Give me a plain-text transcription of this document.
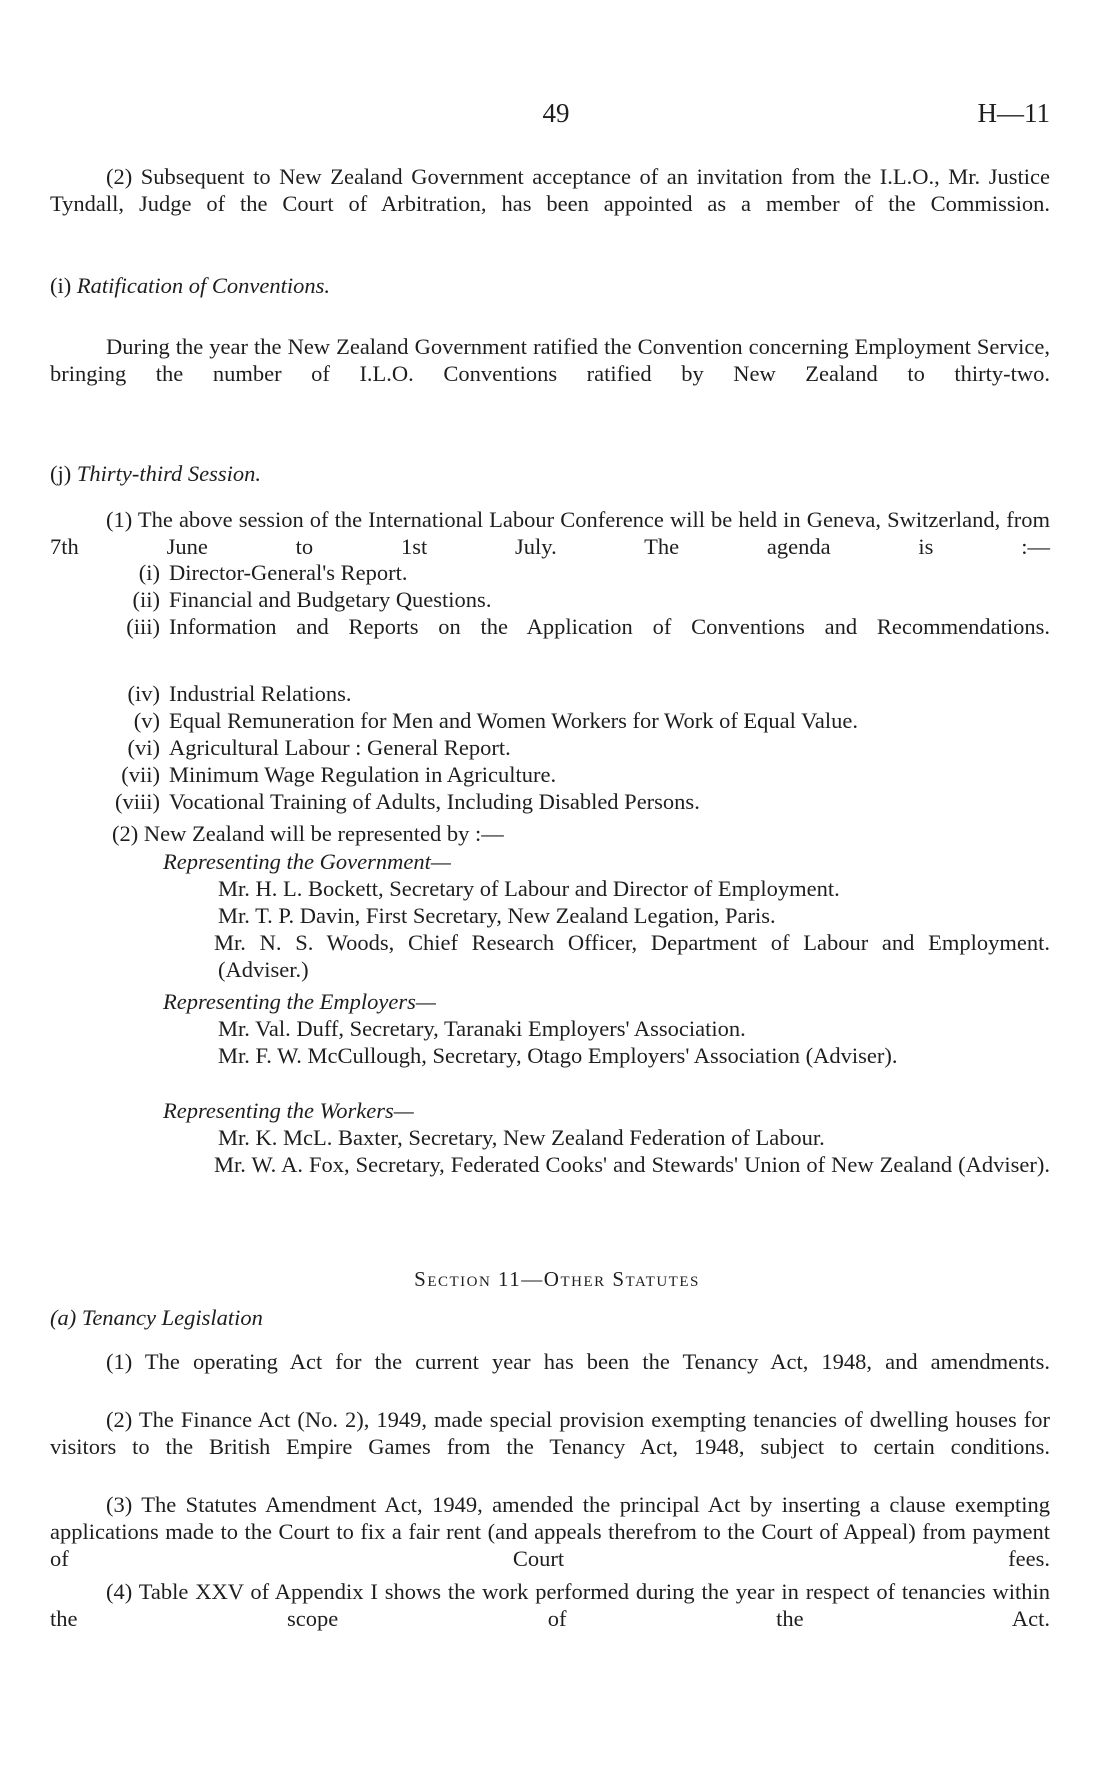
49	H—11
(2) Subsequent to New Zealand Government acceptance of an invitation from the I.L.O., Mr. Justice Tyndall, Judge of the Court of Arbitration, has been appointed as a member of the Commission.
(i) Ratification of Conventions.
During the year the New Zealand Government ratified the Convention concerning Employment Service, bringing the number of I.L.O. Conventions ratified by New Zealand to thirty-two.
(j) Thirty-third Session.
(1) The above session of the International Labour Conference will be held in Geneva, Switzerland, from 7th June to 1st July. The agenda is :—
(i) Director-General's Report.
(ii) Financial and Budgetary Questions.
(iii) Information and Reports on the Application of Conventions and Recommendations.
(iv) Industrial Relations.
(v) Equal Remuneration for Men and Women Workers for Work of Equal Value.
(vi) Agricultural Labour : General Report.
(vii) Minimum Wage Regulation in Agriculture.
(viii) Vocational Training of Adults, Including Disabled Persons.
(2) New Zealand will be represented by :—
Representing the Government—
Mr. H. L. Bockett, Secretary of Labour and Director of Employment.
Mr. T. P. Davin, First Secretary, New Zealand Legation, Paris.
Mr. N. S. Woods, Chief Research Officer, Department of Labour and Employment. (Adviser.)
Representing the Employers—
Mr. Val. Duff, Secretary, Taranaki Employers' Association.
Mr. F. W. McCullough, Secretary, Otago Employers' Association (Adviser).
Representing the Workers—
Mr. K. McL. Baxter, Secretary, New Zealand Federation of Labour.
Mr. W. A. Fox, Secretary, Federated Cooks' and Stewards' Union of New Zealand (Adviser).
Section 11—Other Statutes
(a) Tenancy Legislation
(1) The operating Act for the current year has been the Tenancy Act, 1948, and amendments.
(2) The Finance Act (No. 2), 1949, made special provision exempting tenancies of dwelling houses for visitors to the British Empire Games from the Tenancy Act, 1948, subject to certain conditions.
(3) The Statutes Amendment Act, 1949, amended the principal Act by inserting a clause exempting applications made to the Court to fix a fair rent (and appeals therefrom to the Court of Appeal) from payment of Court fees.
(4) Table XXV of Appendix I shows the work performed during the year in respect of tenancies within the scope of the Act.
